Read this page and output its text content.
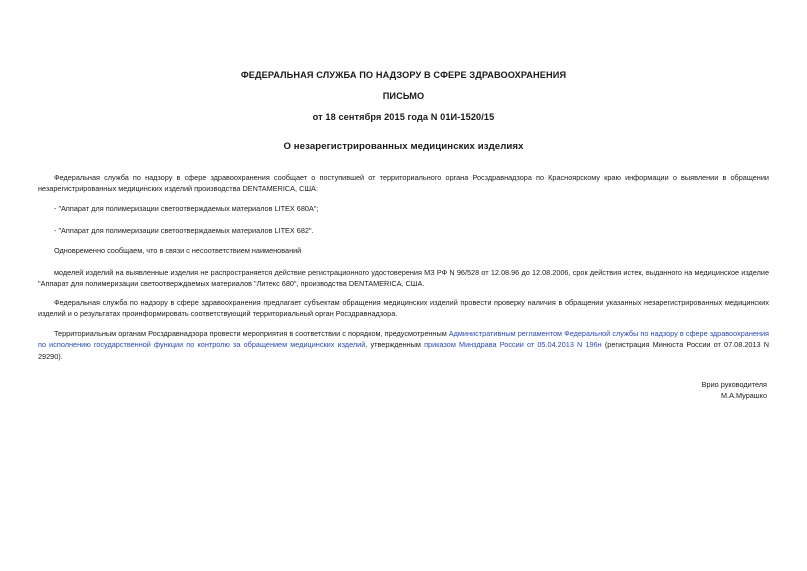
ФЕДЕРАЛЬНАЯ СЛУЖБА ПО НАДЗОРУ В СФЕРЕ ЗДРАВООХРАНЕНИЯ
ПИСЬМО
от 18 сентября 2015 года N 01И-1520/15
О незарегистрированных медицинских изделиях
Федеральная служба по надзору в сфере здравоохранения сообщает о поступившей от территориального органа Росздравнадзора по Красноярскому краю информации о выявлении в обращении незарегистрированных медицинских изделий производства DENTAMERICA, США:
- "Аппарат для полимеризации светоотверждаемых материалов LITEX 680A";
- "Аппарат для полимеризации светоотверждаемых материалов LITEX 682".
Одновременно сообщаем, что в связи с несоответствием наименований
моделей изделий на выявленные изделия не распространяется действие регистрационного удостоверения МЗ РФ N 96/528 от 12.08.96 до 12.08.2006, срок действия истек, выданного на медицинское изделие "Аппарат для полимеризации светоотверждаемых материалов "Литекс 680", производства DENTAMERICA, США.
Федеральная служба по надзору в сфере здравоохранения предлагает субъектам обращения медицинских изделий провести проверку наличия в обращении указанных незарегистрированных медицинских изделий и о результатах проинформировать соответствующий территориальный орган Росздравнадзора.
Территориальным органам Росздравнадзора провести мероприятия в соответствии с порядком, предусмотренным Административным регламентом Федеральной службы по надзору в сфере здравоохранения по исполнению государственной функции по контролю за обращением медицинских изделий, утвержденным приказом Минздрава России от 05.04.2013 N 196н (регистрация Минюста России от 07.08.2013 N 29290).
Врио руководителя
М.А.Мурашко
